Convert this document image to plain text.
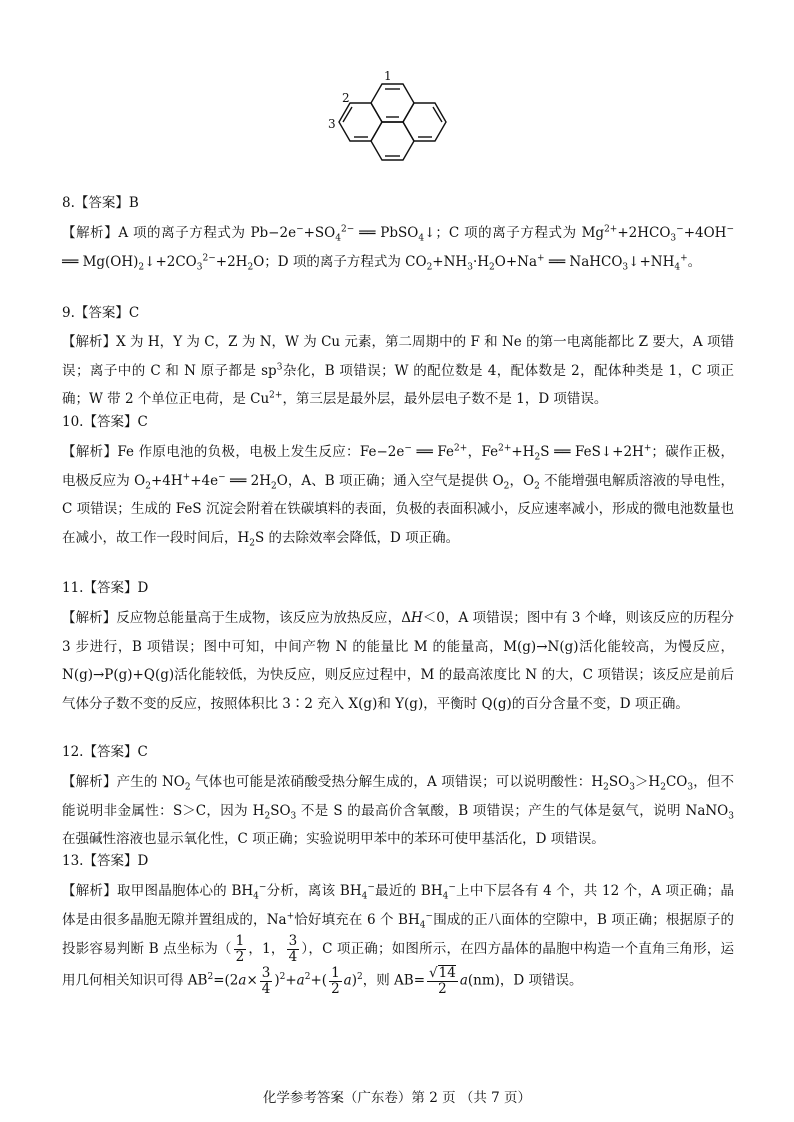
1
2
3
8.【答案】B
【解析】A 项的离子方程式为 $Pb-2e^-+SO_4^{2-}$ ══ PbSO$_4$↓；C 项的离子方程式为 $Mg^{2+}+2HCO_3^-+4OH^-$ ══ $Mg(OH)_2↓+2CO_3^{2-}+2H_2O$；D 项的离子方程式为 $CO_2+NH_3\cdot H_2O+Na^+$ ══ $NaHCO_3↓+NH_4^+$。
9.【答案】C
【解析】X 为 H，Y 为 C，Z 为 N，W 为 Cu 元素，第二周期中的 F 和 Ne 的第一电离能都比 Z 要大，A 项错误；离子中的 C 和 N 原子都是 $sp^3$杂化，B 项错误；W 的配位数是 4，配体数是 2，配体种类是 1，C 项正确；W 带 2 个单位正电荷，是 $Cu^{2+}$，第三层是最外层，最外层电子数不是 1，D 项错误。
10.【答案】C
【解析】Fe 作原电池的负极，电极上发生反应：Fe−2e− ══ $Fe^{2+}$，$Fe^{2+}+H_2S$ ══ FeS↓+2H+；碳作正极，电极反应为 $O_2+4H^++4e^-$ ══ $2H_2O$，A、B 项正确；通入空气是提供 $O_2$，$O_2$ 不能增强电解质溶液的导电性，C 项错误；生成的 FeS 沉淀会附着在铁碳填料的表面，负极的表面积减小，反应速率减小，形成的微电池数量也在减小，故工作一段时间后，$H_2S$ 的去除效率会降低，D 项正确。
11.【答案】D
【解析】反应物总能量高于生成物，该反应为放热反应，ΔH＜0，A 项错误；图中有 3 个峰，则该反应的历程分 3 步进行，B 项错误；图中可知，中间产物 N 的能量比 M 的能量高，M(g)→N(g)活化能较高，为慢反应，N(g)→P(g)+Q(g)活化能较低，为快反应，则反应过程中，M 的最高浓度比 N 的大，C 项错误；该反应是前后气体分子数不变的反应，按照体积比 3∶2 充入 X(g)和 Y(g)，平衡时 Q(g)的百分含量不变，D 项正确。
12.【答案】C
【解析】产生的 $NO_2$ 气体也可能是浓硝酸受热分解生成的，A 项错误；可以说明酸性：$H_2SO_3>H_2CO_3$，但不能说明非金属性：S＞C，因为 $H_2SO_3$ 不是 S 的最高价含氧酸，B 项错误；产生的气体是氨气，说明 NaNO$_3$ 在强碱性溶液也显示氧化性，C 项正确；实验说明甲苯中的苯环可使甲基活化，D 项错误。
13.【答案】D
【解析】取甲图晶胞体心的 $BH_4^-$分析，离该 $BH_4^-$最近的 $BH_4^-$上中下层各有 4 个，共 12 个，A 项正确；晶体是由很多晶胞无隙并置组成的，Na+恰好填充在 6 个 $BH_4^-$围成的正八面体的空隙中，B 项正确；根据原子的投影容易判断 B 点坐标为（ $\frac{1}{2}$ ，1， $\frac{3}{4}$ ），C 项正确；如图所示，在四方晶体的晶胞中构造一个直角三角形，运用几何相关知识可得 $AB^2=(2a\times \frac{3}{4} )^2+a^2+( \frac{1}{2} a)^2$，则 $AB= \frac{√14}{2} a(nm)$，D 项错误。
化学参考答案（广东卷）第 2 页 （共 7 页）
